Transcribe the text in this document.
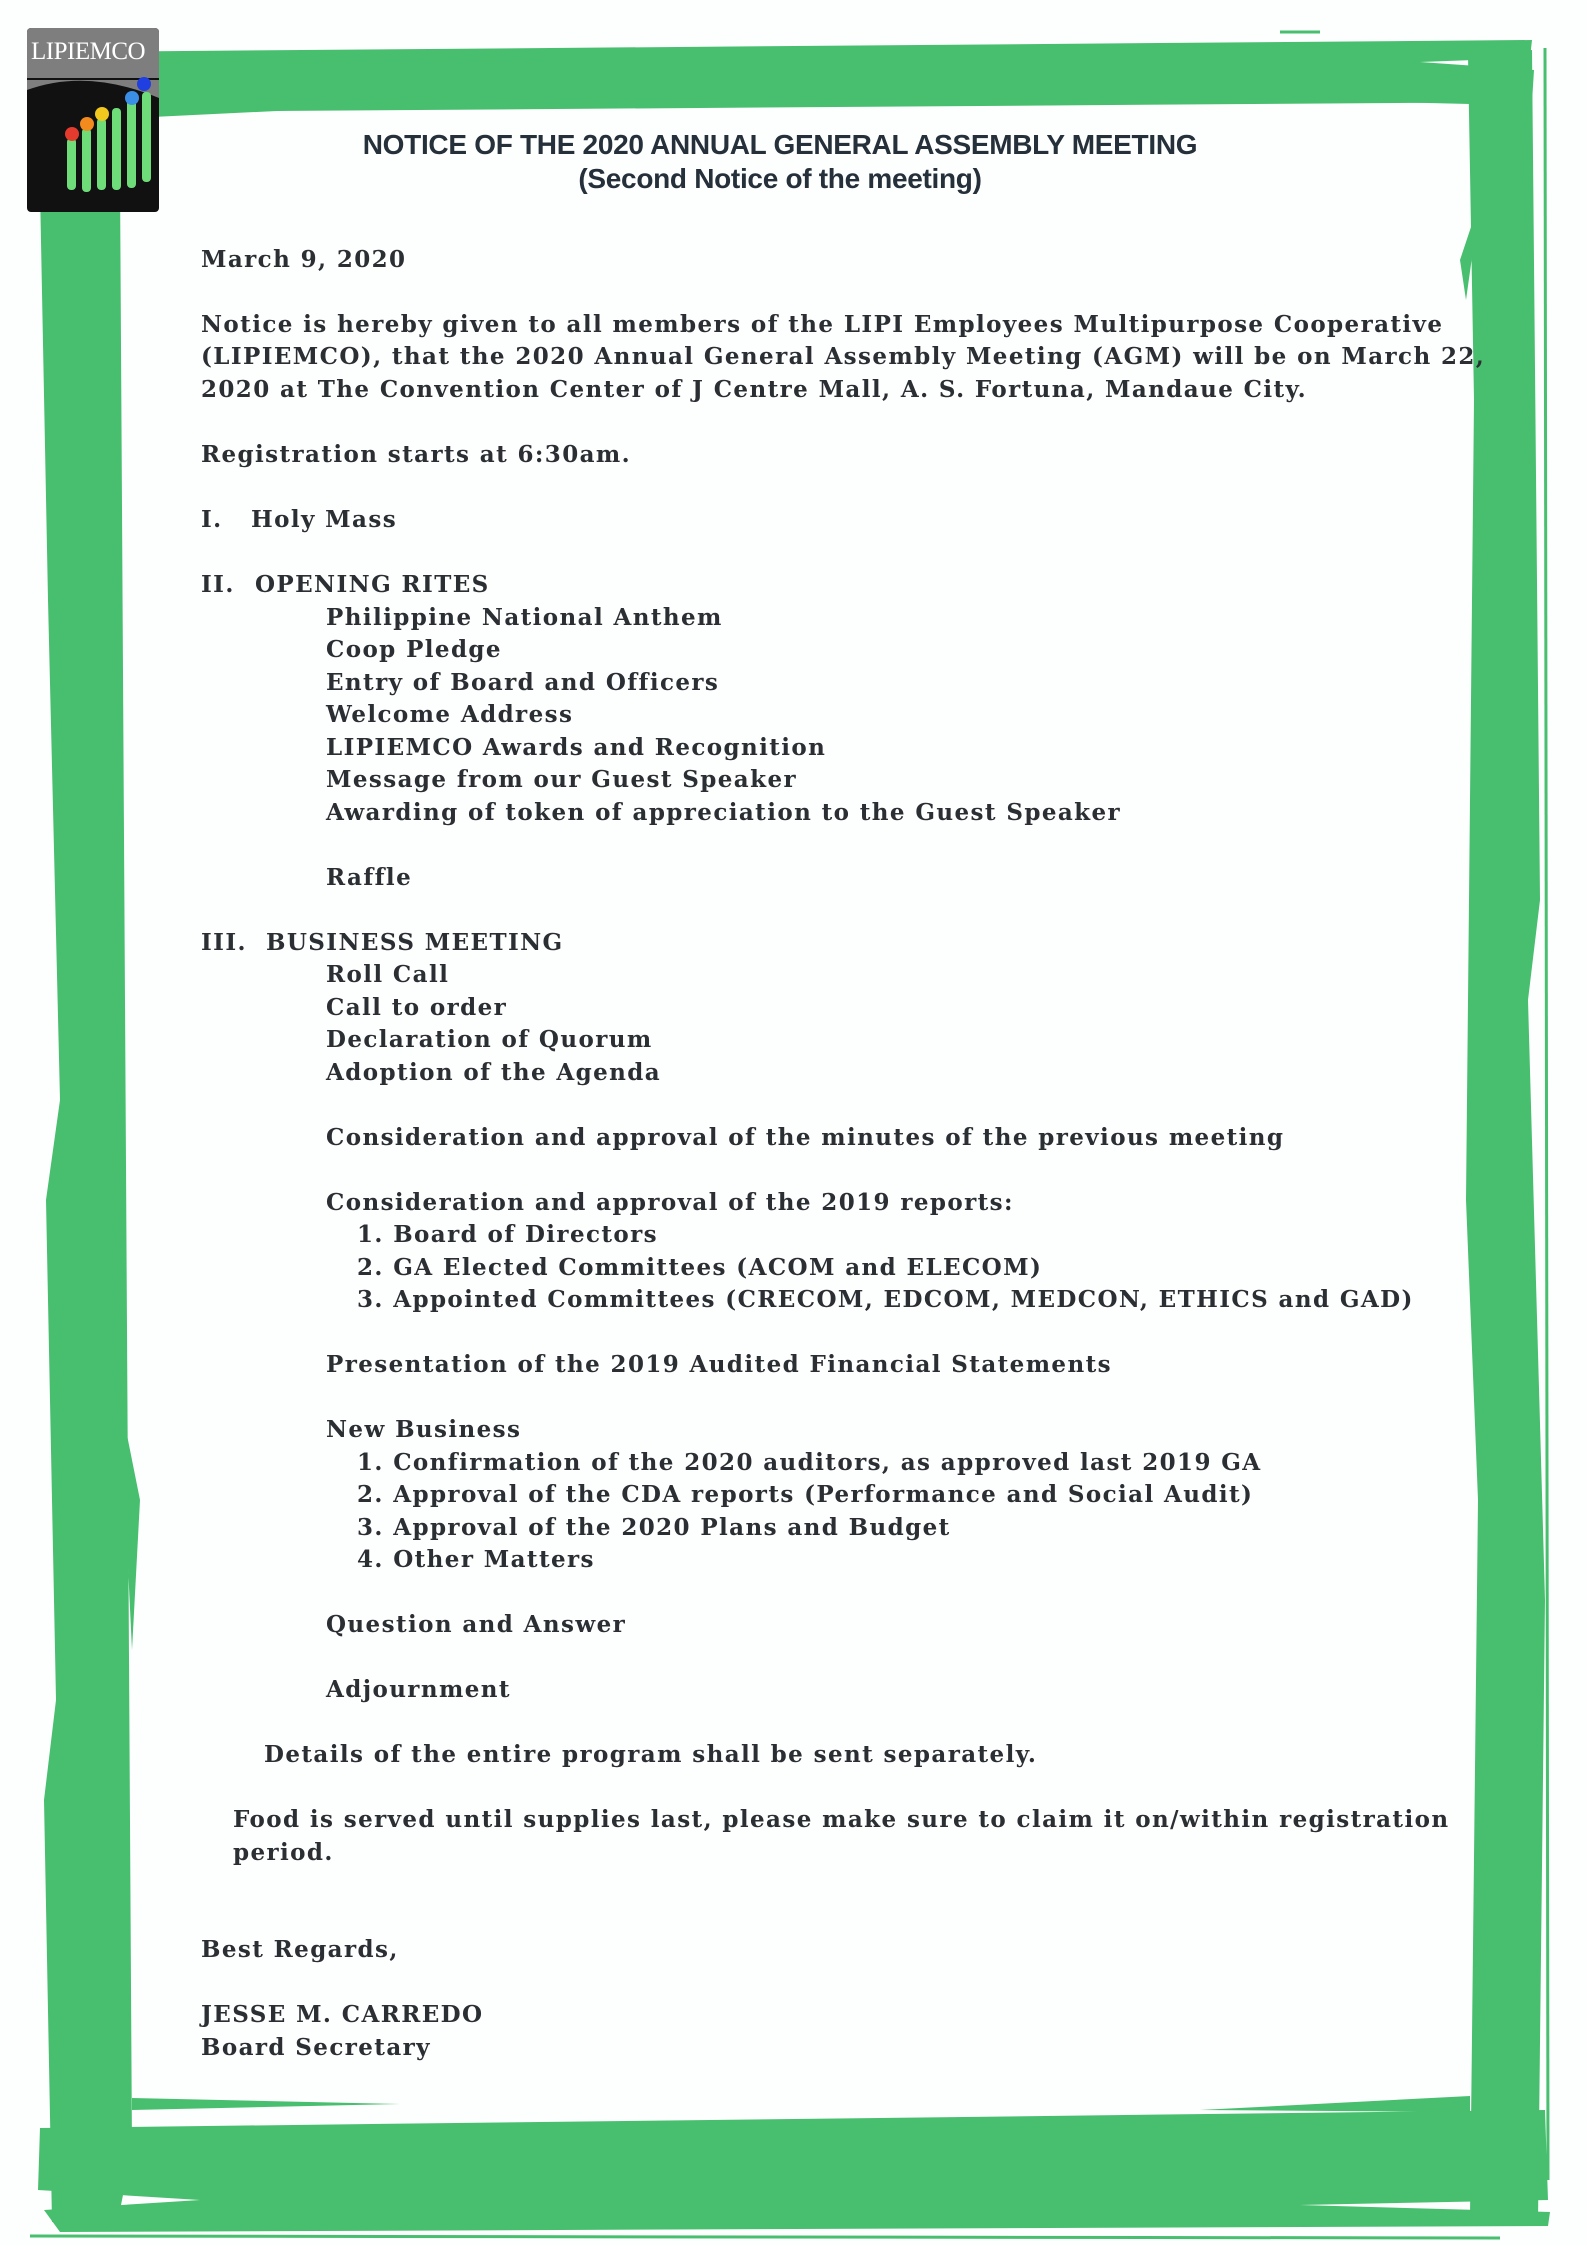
LIPIEMCO
NOTICE OF THE 2020 ANNUAL GENERAL ASSEMBLY MEETING
(Second Notice of the meeting)
March 9, 2020
Notice is hereby given to all members of the LIPI Employees Multipurpose Cooperative
(LIPIEMCO), that the 2020 Annual General Assembly Meeting (AGM) will be on March 22,
2020 at The Convention Center of J Centre Mall, A. S. Fortuna, Mandaue City.
Registration starts at 6:30am.
I. Holy Mass
II. OPENING RITES
Philippine National Anthem
Coop Pledge
Entry of Board and Officers
Welcome Address
LIPIEMCO Awards and Recognition
Message from our Guest Speaker
Awarding of token of appreciation to the Guest Speaker
Raffle
III. BUSINESS MEETING
Roll Call
Call to order
Declaration of Quorum
Adoption of the Agenda
Consideration and approval of the minutes of the previous meeting
Consideration and approval of the 2019 reports:
1. Board of Directors
2. GA Elected Committees (ACOM and ELECOM)
3. Appointed Committees (CRECOM, EDCOM, MEDCON, ETHICS and GAD)
Presentation of the 2019 Audited Financial Statements
New Business
1. Confirmation of the 2020 auditors, as approved last 2019 GA
2. Approval of the CDA reports (Performance and Social Audit)
3. Approval of the 2020 Plans and Budget
4. Other Matters
Question and Answer
Adjournment
Details of the entire program shall be sent separately.
Food is served until supplies last, please make sure to claim it on/within registration
period.
Best Regards,
JESSE M. CARREDO
Board Secretary
